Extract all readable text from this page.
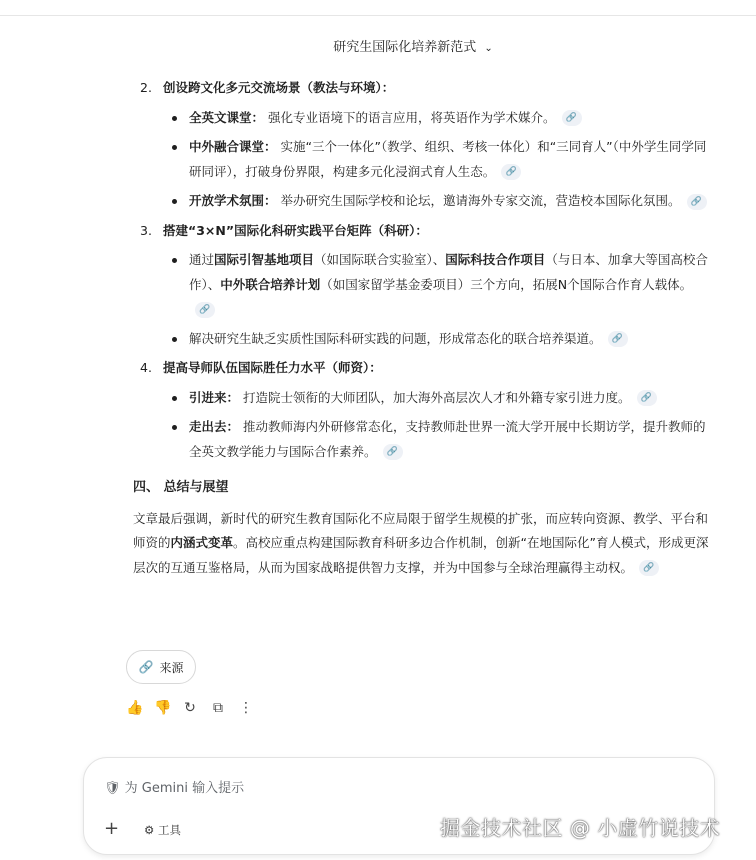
研究生国际化培养新范式 ⌄
2. 创设跨文化多元交流场景（教法与环境）：
全英文课堂： 强化专业语境下的语言应用，将英语作为学术媒介。 🔗
中外融合课堂： 实施“三个一体化”（教学、组织、考核一体化）和“三同育人”（中外学生同学同研同评），打破身份界限，构建多元化浸润式育人生态。 🔗
开放学术氛围： 举办研究生国际学校和论坛，邀请海外专家交流，营造校本国际化氛围。 🔗
3. 搭建“3×N”国际化科研实践平台矩阵（科研）：
通过国际引智基地项目（如国际联合实验室）、国际科技合作项目（与日本、加拿大等国高校合作）、中外联合培养计划（如国家留学基金委项目）三个方向，拓展N个国际合作育人载体。🔗
解决研究生缺乏实质性国际科研实践的问题，形成常态化的联合培养渠道。 🔗
4. 提高导师队伍国际胜任力水平（师资）：
引进来： 打造院士领衔的大师团队，加大海外高层次人才和外籍专家引进力度。 🔗
走出去： 推动教师海内外研修常态化，支持教师赴世界一流大学开展中长期访学，提升教师的全英文教学能力与国际合作素养。 🔗
四、 总结与展望

文章最后强调，新时代的研究生教育国际化不应局限于留学生规模的扩张，而应转向资源、教学、平台和师资的内涵式变革。高校应重点构建国际教育科研多边合作机制，创新“在地国际化”育人模式，形成更深层次的互通互鉴格局，从而为国家战略提供智力支撑，并为中国参与全球治理赢得主动权。 🔗

🔗 来源
👍 👎 ↻ ⧉ ⋮
🛡 为 Gemini 输入提示
+ ⚙ 工具	掘金技术社区 @ 小虚竹说技术
